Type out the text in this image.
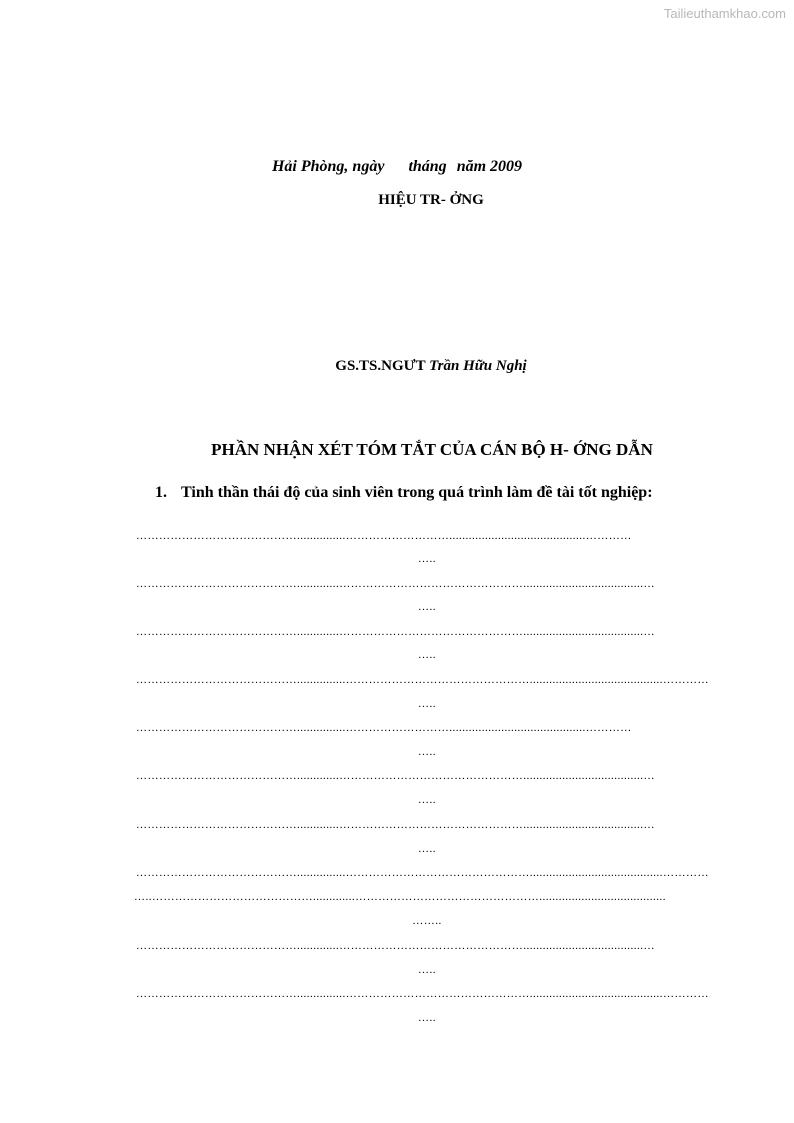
Tailieuthamkhao.com
Hải Phòng, ngày tháng năm 2009
HIỆU TR- ỞNG
GS.TS.NGƯT Trần Hữu Nghị
PHẦN NHẬN XÉT TÓM TẮT CỦA CÁN BỘ H- ỚNG DẪN
1. Tinh thần thái độ của sinh viên trong quá trình làm đề tài tốt nghiệp:
……………………………………...............………………………..........................................…………
…..
…………………………………….............………………………………………….....................................…
…..
…………………………………….............………………………………………….....................................…
…..
……………………………………...............………………………………………….........................................…………
…..
……………………………………...............………………………..........................................…………
…..
…………………………………….............………………………………………….....................................…
…..
…………………………………….............………………………………………….....................................…
…..
……………………………………...............………………………………………….........................................…………
…..…………………………………….............………………………………………….......................................
……..
…………………………………….............………………………………………….....................................…
…..
……………………………………...............………………………………………….........................................…………
…..
